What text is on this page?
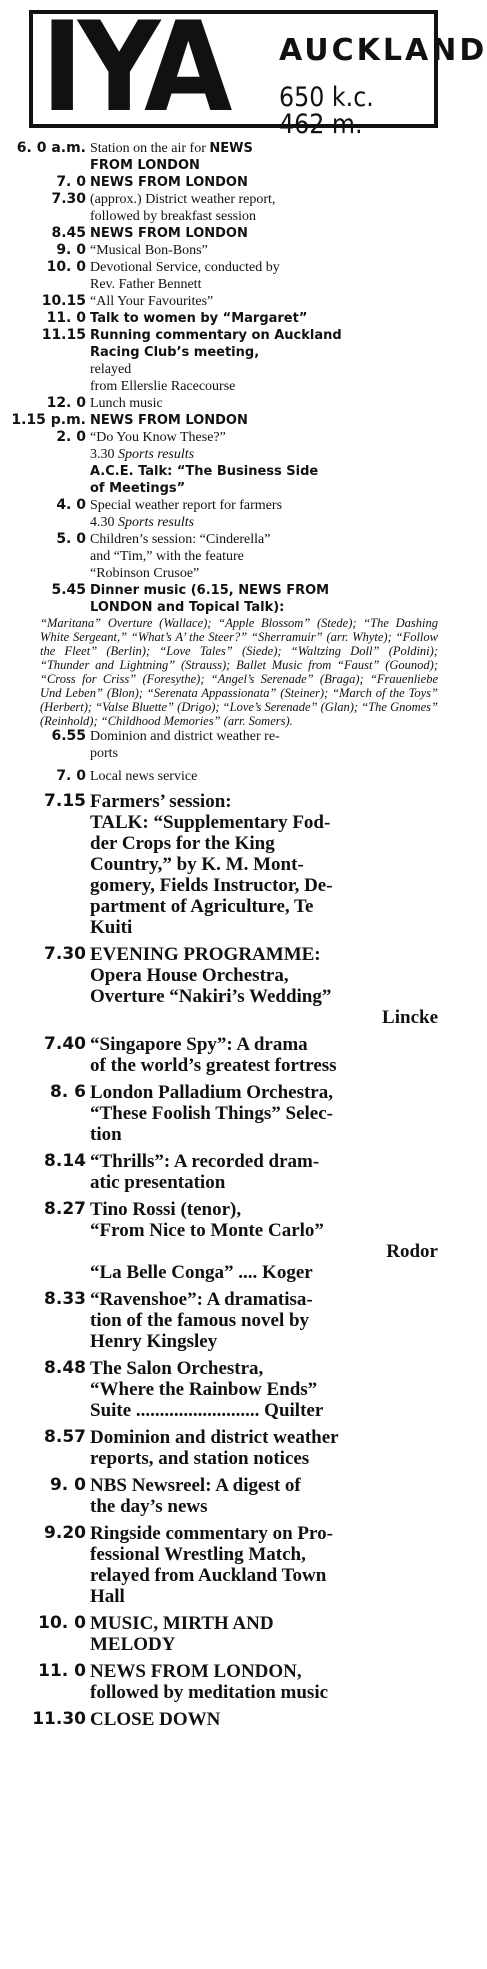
IYA AUCKLAND
650 k.c. 462 m.
6. 0 a.m. Station on the air for NEWS
FROM LONDON
7. 0 NEWS FROM LONDON
7.30 (approx.) District weather report,
followed by breakfast session
8.45 NEWS FROM LONDON
9. 0 “Musical Bon-Bons”
10. 0 Devotional Service, conducted by
Rev. Father Bennett
10.15 “All Your Favourites”
11. 0 Talk to women by “Margaret”
11.15 Running commentary on Auckland
Racing Club’s meeting,
relayed
from Ellerslie Racecourse
12. 0 Lunch music
1.15 p.m. NEWS FROM LONDON
2. 0 “Do You Know These?”
3.30 Sports results
A.C.E. Talk: “The Business Side
of Meetings”
4. 0 Special weather report for farmers
4.30 Sports results
5. 0 Children’s session: “Cinderella”
and “Tim,” with the feature
“Robinson Crusoe”
5.45 Dinner music (6.15, NEWS FROM
LONDON and Topical Talk):
“Maritana” Overture (Wallace); “Apple Blossom” (Stede); “The Dashing White Sergeant,” “What’s A’ the Steer?” “Sherramuir” (arr. Whyte); “Follow the Fleet” (Berlin); “Love Tales” (Siede); “Waltzing Doll” (Poldini); “Thunder and Lightning” (Strauss); Ballet Music from “Faust” (Gounod); “Cross for Criss” (Foresythe); “Angel’s Serenade” (Braga); “Frauenliebe Und Leben” (Blon); “Serenata Appassionata” (Steiner); “March of the Toys” (Herbert); “Valse Bluette” (Drigo); “Love’s Serenade” (Glan); “The Gnomes” (Reinhold); “Childhood Memories” (arr. Somers).
6.55 Dominion and district weather re-
ports
7. 0 Local news service
7.15 Farmers’ session:
TALK: “Supplementary Fod-
der Crops for the King
Country,” by K. M. Mont-
gomery, Fields Instructor, De-
partment of Agriculture, Te
Kuiti
7.30 EVENING PROGRAMME:
Opera House Orchestra,
Overture “Nakiri’s Wedding”
Lincke
7.40 “Singapore Spy”: A drama
of the world’s greatest fortress
8. 6 London Palladium Orchestra,
“These Foolish Things” Selec-
tion
8.14 “Thrills”: A recorded dram-
atic presentation
8.27 Tino Rossi (tenor),
“From Nice to Monte Carlo”
Rodor
“La Belle Conga” .... Koger
8.33 “Ravenshoe”: A dramatisa-
tion of the famous novel by
Henry Kingsley
8.48 The Salon Orchestra,
“Where the Rainbow Ends”
Suite .......................... Quilter
8.57 Dominion and district weather
reports, and station notices
9. 0 NBS Newsreel: A digest of
the day’s news
9.20 Ringside commentary on Pro-
fessional Wrestling Match,
relayed from Auckland Town
Hall
10. 0 MUSIC, MIRTH AND
MELODY
11. 0 NEWS FROM LONDON,
followed by meditation music
11.30 CLOSE DOWN
